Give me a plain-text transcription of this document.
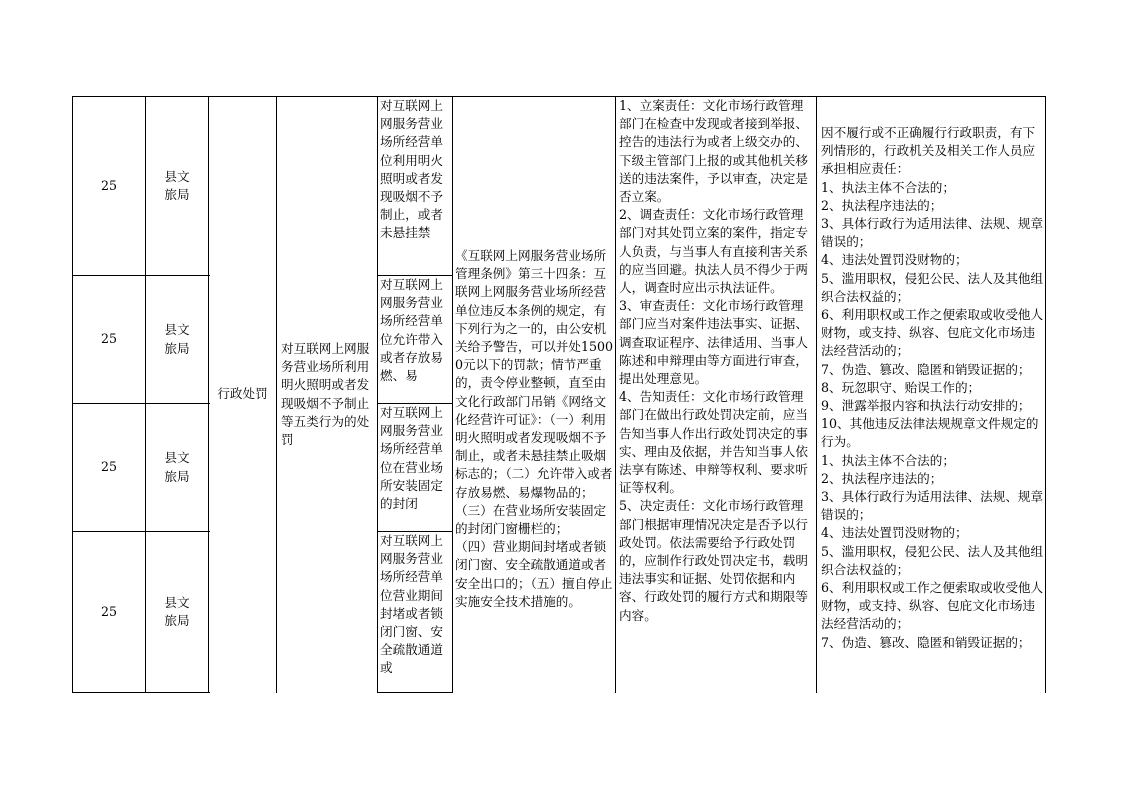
25
县文旅局
对互联网上网服务营业场所经营单位利用明火照明或者发现吸烟不予制止，或者未悬挂禁
25
县文旅局
对互联网上网服务营业场所经营单位允许带入或者存放易燃、易
25
县文旅局
对互联网上网服务营业场所经营单位在营业场所安装固定的封闭
25
县文旅局
对互联网上网服务营业场所经营单位营业期间封堵或者锁闭门窗、安全疏散通道或
行政处罚
对互联网上网服务营业场所利用明火照明或者发现吸烟不予制止等五类行为的处罚
《互联网上网服务营业场所管理条例》第三十四条：互联网上网服务营业场所经营单位违反本条例的规定，有下列行为之一的，由公安机关给予警告，可以并处15000元以下的罚款；情节严重的，责令停业整顿，直至由文化行政部门吊销《网络文化经营许可证》：（一）利用明火照明或者发现吸烟不予制止，或者未悬挂禁止吸烟标志的；（二）允许带入或者存放易燃、易爆物品的；
（三）在营业场所安装固定的封闭门窗栅栏的；
（四）营业期间封堵或者锁闭门窗、安全疏散通道或者安全出口的；（五）擅自停止实施安全技术措施的。
1、立案责任：文化市场行政管理部门在检查中发现或者接到举报、控告的违法行为或者上级交办的、下级主管部门上报的或其他机关移送的违法案件，予以审查，决定是否立案。
2、调查责任：文化市场行政管理部门对其处罚立案的案件，指定专人负责，与当事人有直接利害关系的应当回避。执法人员不得少于两人，调查时应出示执法证件。
3、审查责任：文化市场行政管理部门应当对案件违法事实、证据、调查取证程序、法律适用、当事人陈述和申辩理由等方面进行审查，提出处理意见。
4、告知责任：文化市场行政管理部门在做出行政处罚决定前，应当告知当事人作出行政处罚决定的事实、理由及依据，并告知当事人依法享有陈述、申辩等权利、要求听证等权利。
5、决定责任：文化市场行政管理部门根据审理情况决定是否予以行政处罚。依法需要给予行政处罚的，应制作行政处罚决定书，载明违法事实和证据、处罚依据和内容、行政处罚的履行方式和期限等内容。
因不履行或不正确履行行政职责，有下列情形的，行政机关及相关工作人员应承担相应责任：
1、执法主体不合法的；
2、执法程序违法的；
3、具体行政行为适用法律、法规、规章错误的；
4、违法处置罚没财物的；
5、滥用职权，侵犯公民、法人及其他组织合法权益的；
6、利用职权或工作之便索取或收受他人财物，或支持、纵容、包庇文化市场违法经营活动的；
7、伪造、篡改、隐匿和销毁证据的；
8、玩忽职守、贻误工作的；
9、泄露举报内容和执法行动安排的；
10、其他违反法律法规规章文件规定的行为。
1、执法主体不合法的；
2、执法程序违法的；
3、具体行政行为适用法律、法规、规章错误的；
4、违法处置罚没财物的；
5、滥用职权，侵犯公民、法人及其他组织合法权益的；
6、利用职权或工作之便索取或收受他人财物，或支持、纵容、包庇文化市场违法经营活动的；
7、伪造、篡改、隐匿和销毁证据的；
